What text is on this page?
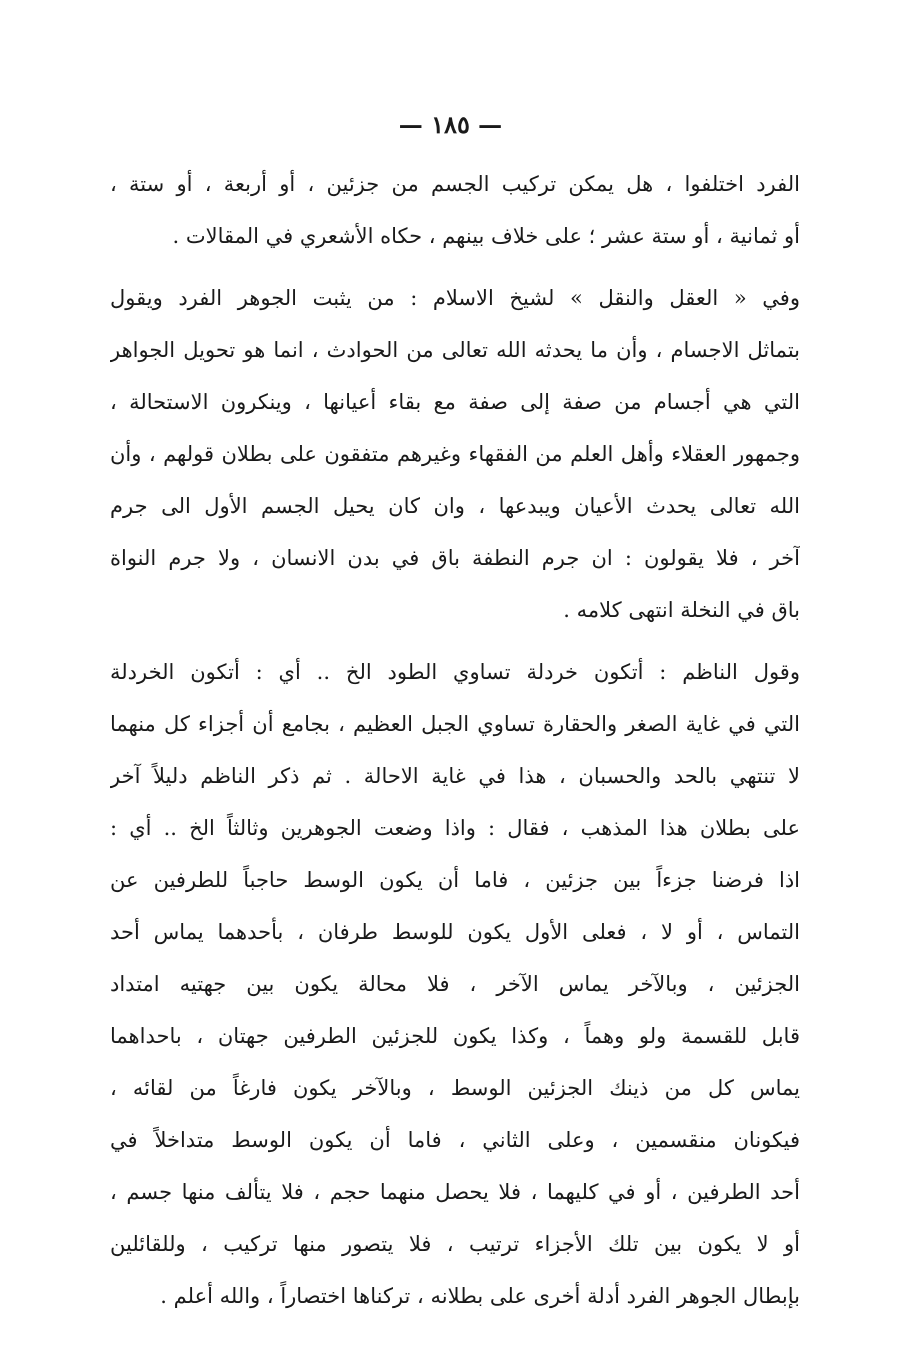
— ١٨٥ —
الفرد اختلفوا ، هل يمكن تركيب الجسم من جزئين ، أو أربعة ، أو ستة ،
أو ثمانية ، أو ستة عشر ؛ على خلاف بينهم ، حكاه الأشعري في المقالات .
وفي « العقل والنقل » لشيخ الاسلام : من يثبت الجوهر الفرد ويقول
بتماثل الاجسام ، وأن ما يحدثه الله تعالى من الحوادث ، انما هو تحويل الجواهر
التي هي أجسام من صفة إلى صفة مع بقاء أعيانها ، وينكرون الاستحالة ،
وجمهور العقلاء وأهل العلم من الفقهاء وغيرهم متفقون على بطلان قولهم ، وأن
الله تعالى يحدث الأعيان ويبدعها ، وان كان يحيل الجسم الأول الى جرم
آخر ، فلا يقولون : ان جرم النطفة باق في بدن الانسان ، ولا جرم النواة
باق في النخلة انتهى كلامه .
وقول الناظم : أتكون خردلة تساوي الطود الخ .. أي : أتكون الخردلة
التي في غاية الصغر والحقارة تساوي الجبل العظيم ، بجامع أن أجزاء كل منهما
لا تنتهي بالحد والحسبان ، هذا في غاية الاحالة . ثم ذكر الناظم دليلاً آخر
على بطلان هذا المذهب ، فقال : واذا وضعت الجوهرين وثالثاً الخ .. أي :
اذا فرضنا جزءاً بين جزئين ، فاما أن يكون الوسط حاجباً للطرفين عن
التماس ، أو لا ، فعلى الأول يكون للوسط طرفان ، بأحدهما يماس أحد
الجزئين ، وبالآخر يماس الآخر ، فلا محالة يكون بين جهتيه امتداد
قابل للقسمة ولو وهماً ، وكذا يكون للجزئين الطرفين جهتان ، باحداهما
يماس كل من ذينك الجزئين الوسط ، وبالآخر يكون فارغاً من لقائه ،
فيكونان منقسمين ، وعلى الثاني ، فاما أن يكون الوسط متداخلاً في
أحد الطرفين ، أو في كليهما ، فلا يحصل منهما حجم ، فلا يتألف منها جسم ،
أو لا يكون بين تلك الأجزاء ترتيب ، فلا يتصور منها تركيب ، وللقائلين
بإبطال الجوهر الفرد أدلة أخرى على بطلانه ، تركناها اختصاراً ، والله أعلم .
